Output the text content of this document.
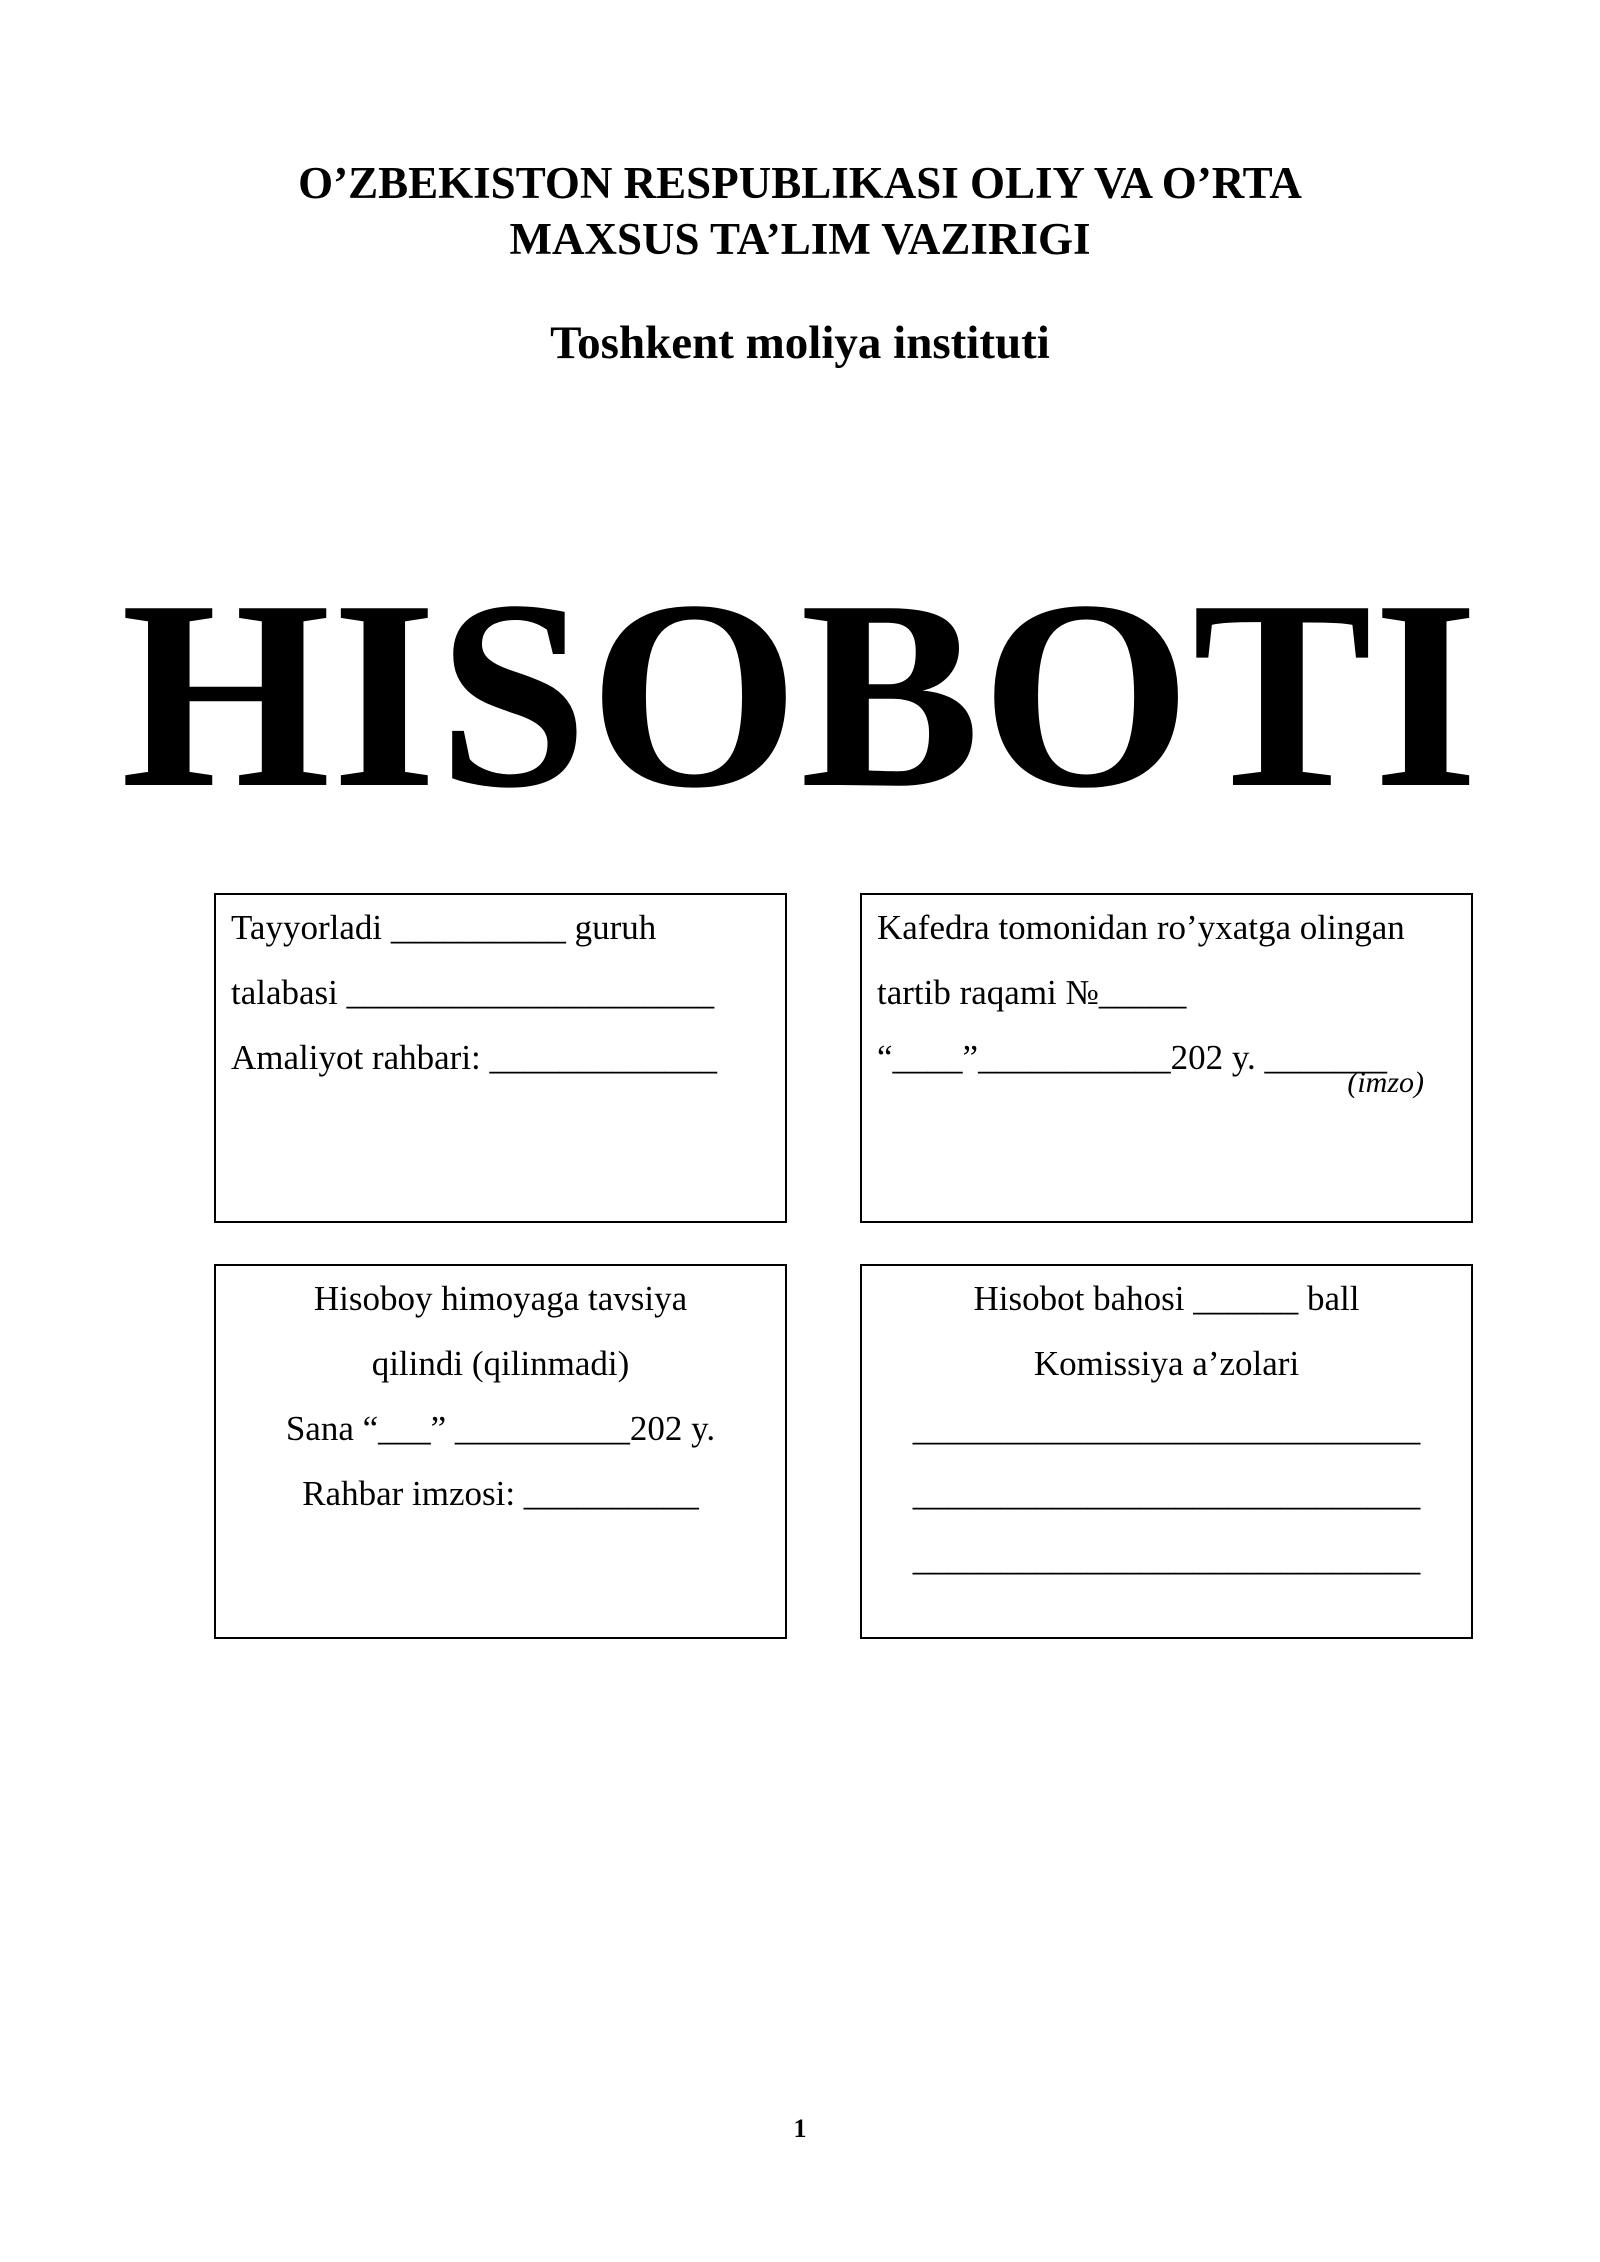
O’ZBEKISTON RESPUBLIKASI OLIY VA O’RTA
MAXSUS TA’LIM VAZIRIGI
Toshkent moliya instituti
HISOBOTI
Tayyorladi __________ guruh
talabasi _____________________
Amaliyot rahbari: _____________
Kafedra tomonidan ro’yxatga olingan
tartib raqami №_____
“____”___________202 y. _______
(imzo)
Hisoboy himoyaga tavsiya
qilindi (qilinmadi)
Sana “___” __________202 y.
Rahbar imzosi: __________
Hisobot bahosi ______ ball
Komissiya a’zolari
_____________________________
_____________________________
_____________________________
1
